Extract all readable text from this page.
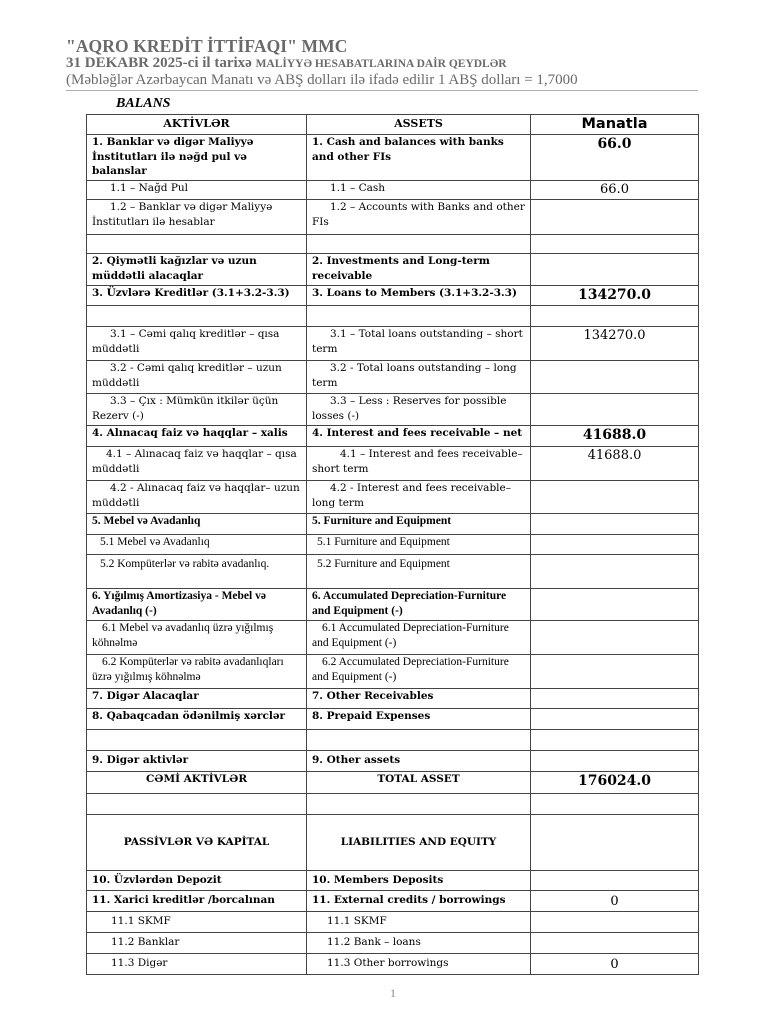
"AQRO KREDİT İTTİFAQI" MMC
31 DEKABR 2025-ci il tarixə MALİYYƏ HESABATLARINA DAİR QEYDLƏR
(Məbləğlər Azərbaycan Manatı və ABŞ dolları ilə ifadə edilir 1 ABŞ dolları = 1,7000
BALANS
AKTİVLƏR	ASSETS	Manatla
1. Banklar və digər Maliyyə İnstitutları ilə nəğd pul və balanslar	1. Cash and balances with banks and other FIs	66.0
1.1 – Nağd Pul	1.1 – Cash	66.0
1.2 – Banklar və digər Maliyyə İnstitutları ilə hesablar	1.2 – Accounts with Banks and other FIs	

2. Qiymətli kağızlar və uzun müddətli alacaqlar	2. Investments and Long-term receivable	
3. Üzvlərə Kreditlər (3.1+3.2-3.3)	3. Loans to Members (3.1+3.2-3.3)	134270.0

3.1 – Cəmi qalıq kreditlər – qısa müddətli	3.1 – Total loans outstanding – short term	134270.0
3.2 - Cəmi qalıq kreditlər – uzun müddətli	3.2 - Total loans outstanding – long term	
3.3 – Çıx : Mümkün itkilər üçün Rezerv (-)	3.3 – Less : Reserves for possible losses (-)	
4. Alınacaq faiz və haqqlar – xalis	4. Interest and fees receivable – net	41688.0
4.1 – Alınacaq faiz və haqqlar – qısa müddətli	4.1 – Interest and fees receivable– short term	41688.0
4.2 - Alınacaq faiz və haqqlar– uzun müddətli	4.2 - Interest and fees receivable– long term	
5. Mebel və Avadanlıq	5. Furniture and Equipment	
5.1 Mebel və Avadanlıq	5.1 Furniture and Equipment	
5.2 Kompüterlər və rabitə avadanlıq.	5.2 Furniture and Equipment	
6. Yığılmış Amortizasiya - Mebel və Avadanlıq (-)	6. Accumulated Depreciation-Furniture and Equipment (-)	
6.1 Mebel və avadanlıq üzrə yığılmış köhnəlmə	6.1 Accumulated Depreciation-Furniture and Equipment (-)	
6.2 Kompüterlər və rabitə avadanlıqları üzrə yığılmış köhnəlmə	6.2 Accumulated Depreciation-Furniture and Equipment (-)	
7. Digər Alacaqlar	7. Other Receivables	
8. Qabaqcadan ödənilmiş xərclər	8. Prepaid Expenses	

9. Digər aktivlər	9. Other assets	
CƏMİ AKTİVLƏR	TOTAL ASSET	176024.0

PASSİVLƏR VƏ KAPİTAL	LIABILITIES AND EQUITY	
10. Üzvlərdən Depozit	10. Members Deposits	
11. Xarici kreditlər /borcalınan	11. External credits / borrowings	0
11.1 SKMF	11.1 SKMF	
11.2 Banklar	11.2 Bank – loans	
11.3 Digər	11.3 Other borrowings	0
1
